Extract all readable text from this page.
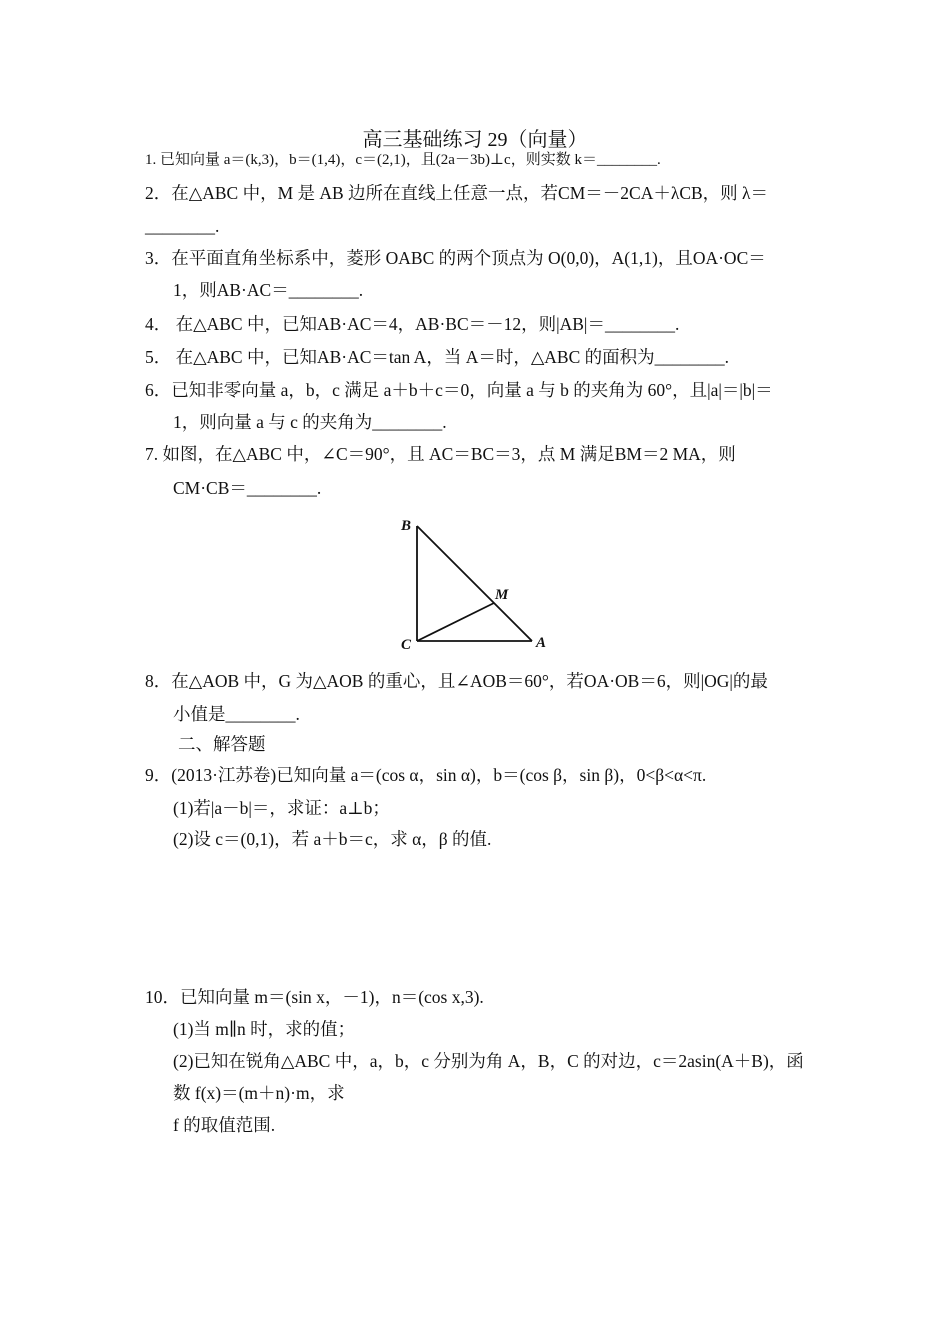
高三基础练习 29（向量）
1. 已知向量 a＝(k,3)，b＝(1,4)，c＝(2,1)，且(2a－3b)⊥c，则实数 k＝________.
2．在△ABC 中，M 是 AB 边所在直线上任意一点，若CM＝－2CA＋λCB，则 λ＝
________.
3．在平面直角坐标系中，菱形 OABC 的两个顶点为 O(0,0)，A(1,1)，且OA·OC＝
1，则AB·AC＝________.
4． 在△ABC 中，已知AB·AC＝4，AB·BC＝－12，则|AB|＝________.
5． 在△ABC 中，已知AB·AC＝tan A，当 A＝时，△ABC 的面积为________.
6．已知非零向量 a，b，c 满足 a＋b＋c＝0，向量 a 与 b 的夹角为 60°，且|a|＝|b|＝
1，则向量 a 与 c 的夹角为________.
7. 如图，在△ABC 中，∠C＝90°，且 AC＝BC＝3，点 M 满足BM＝2 MA，则
CM·CB＝________.
B
M
C	A
8．在△AOB 中，G 为△AOB 的重心，且∠AOB＝60°，若OA·OB＝6，则|OG|的最
小值是________.
二、解答题
9．(2013·江苏卷)已知向量 a＝(cos α，sin α)，b＝(cos β，sin β)，0<β<α<π.
(1)若|a－b|＝，求证：a⊥b；
(2)设 c＝(0,1)，若 a＋b＝c，求 α，β 的值.
10．已知向量 m＝(sin x，－1)，n＝(cos x,3).
(1)当 m∥n 时，求的值；
(2)已知在锐角△ABC 中，a，b，c 分别为角 A，B，C 的对边，c＝2asin(A＋B)，函
数 f(x)＝(m＋n)·m，求
f 的取值范围.
